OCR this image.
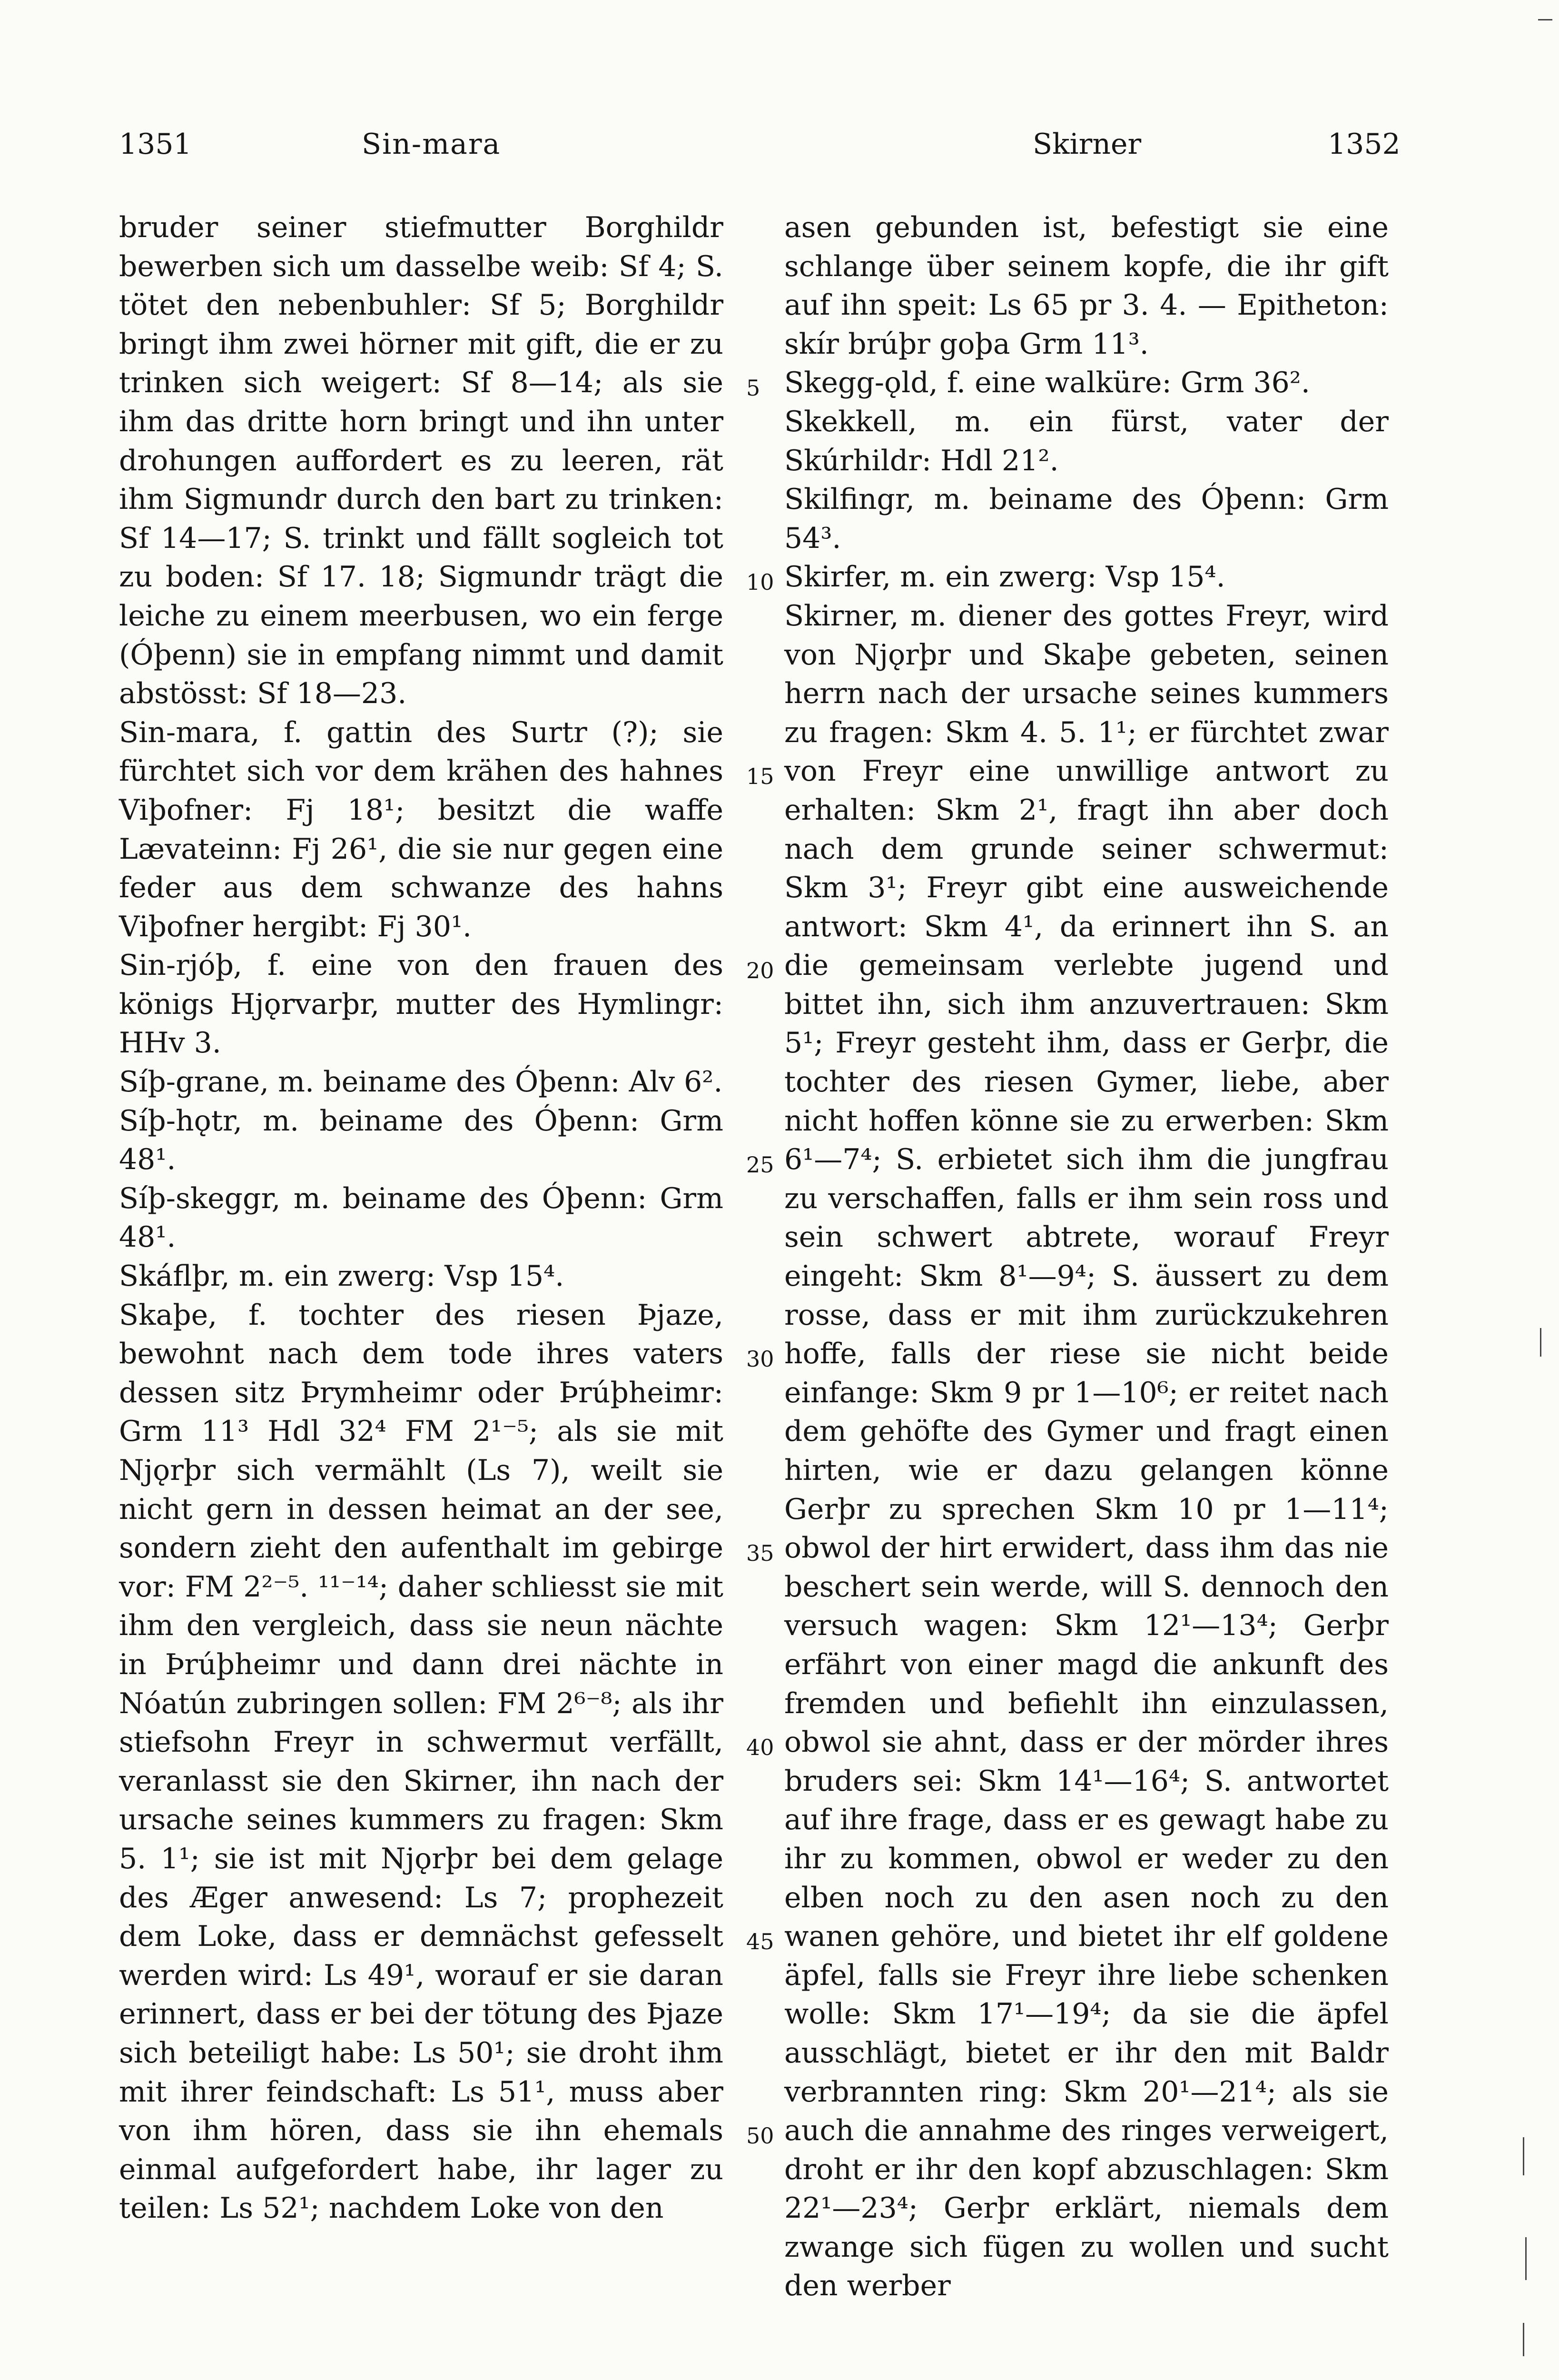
1351	Sin-mara	Skirner	1352

bruder seiner stiefmutter Borghildr bewerben sich um dasselbe weib: Sf 4; S. tötet den nebenbuhler: Sf 5; Borghildr bringt ihm zwei hörner mit gift, die er zu trinken sich weigert: Sf 8—14; als sie ihm das dritte horn bringt und ihn unter drohungen auffordert es zu leeren, rät ihm Sigmundr durch den bart zu trinken: Sf 14—17; S. trinkt und fällt sogleich tot zu boden: Sf 17. 18; Sigmundr trägt die leiche zu einem meerbusen, wo ein ferge (Óþenn) sie in empfang nimmt und damit abstösst: Sf 18—23.

Sin-mara, f. gattin des Surtr (?); sie fürchtet sich vor dem krähen des hahnes Viþofner: Fj 18¹; besitzt die waffe Lævateinn: Fj 26¹, die sie nur gegen eine feder aus dem schwanze des hahns Viþofner hergibt: Fj 30¹.

Sin-rjóþ, f. eine von den frauen des königs Hjǫrvarþr, mutter des Hymlingr: HHv 3.

Síþ-grane, m. beiname des Óþenn: Alv 6².

Síþ-hǫtr, m. beiname des Óþenn: Grm 48¹.

Síþ-skeggr, m. beiname des Óþenn: Grm 48¹.

Skáflþr, m. ein zwerg: Vsp 15⁴.

Skaþe, f. tochter des riesen Þjaze, bewohnt nach dem tode ihres vaters dessen sitz Þrymheimr oder Þrúþheimr: Grm 11³ Hdl 32⁴ FM 2¹⁻⁵; als sie mit Njǫrþr sich vermählt (Ls 7), weilt sie nicht gern in dessen heimat an der see, sondern zieht den aufenthalt im gebirge vor: FM 2²⁻⁵. ¹¹⁻¹⁴; daher schliesst sie mit ihm den vergleich, dass sie neun nächte in Þrúþheimr und dann drei nächte in Nóatún zubringen sollen: FM 2⁶⁻⁸; als ihr stiefsohn Freyr in schwermut verfällt, veranlasst sie den Skirner, ihn nach der ursache seines kummers zu fragen: Skm 5. 1¹; sie ist mit Njǫrþr bei dem gelage des Æger anwesend: Ls 7; prophezeit dem Loke, dass er demnächst gefesselt werden wird: Ls 49¹, worauf er sie daran erinnert, dass er bei der tötung des Þjaze sich beteiligt habe: Ls 50¹; sie droht ihm mit ihrer feindschaft: Ls 51¹, muss aber von ihm hören, dass sie ihn ehemals einmal aufgefordert habe, ihr lager zu teilen: Ls 52¹; nachdem Loke von den

5
10
15
20
25
30
35
40
45
50

asen gebunden ist, befestigt sie eine schlange über seinem kopfe, die ihr gift auf ihn speit: Ls 65 pr 3. 4. — Epitheton: skír brúþr goþa Grm 11³.

Skegg-ǫld, f. eine walküre: Grm 36².

Skekkell, m. ein fürst, vater der Skúrhildr: Hdl 21².

Skilfingr, m. beiname des Óþenn: Grm 54³.

Skirfer, m. ein zwerg: Vsp 15⁴.

Skirner, m. diener des gottes Freyr, wird von Njǫrþr und Skaþe gebeten, seinen herrn nach der ursache seines kummers zu fragen: Skm 4. 5. 1¹; er fürchtet zwar von Freyr eine unwillige antwort zu erhalten: Skm 2¹, fragt ihn aber doch nach dem grunde seiner schwermut: Skm 3¹; Freyr gibt eine ausweichende antwort: Skm 4¹, da erinnert ihn S. an die gemeinsam verlebte jugend und bittet ihn, sich ihm anzuvertrauen: Skm 5¹; Freyr gesteht ihm, dass er Gerþr, die tochter des riesen Gymer, liebe, aber nicht hoffen könne sie zu erwerben: Skm 6¹—7⁴; S. erbietet sich ihm die jungfrau zu verschaffen, falls er ihm sein ross und sein schwert abtrete, worauf Freyr eingeht: Skm 8¹—9⁴; S. äussert zu dem rosse, dass er mit ihm zurückzukehren hoffe, falls der riese sie nicht beide einfange: Skm 9 pr 1—10⁶; er reitet nach dem gehöfte des Gymer und fragt einen hirten, wie er dazu gelangen könne Gerþr zu sprechen Skm 10 pr 1—11⁴; obwol der hirt erwidert, dass ihm das nie beschert sein werde, will S. dennoch den versuch wagen: Skm 12¹—13⁴; Gerþr erfährt von einer magd die ankunft des fremden und befiehlt ihn einzulassen, obwol sie ahnt, dass er der mörder ihres bruders sei: Skm 14¹—16⁴; S. antwortet auf ihre frage, dass er es gewagt habe zu ihr zu kommen, obwol er weder zu den elben noch zu den asen noch zu den wanen gehöre, und bietet ihr elf goldene äpfel, falls sie Freyr ihre liebe schenken wolle: Skm 17¹—19⁴; da sie die äpfel ausschlägt, bietet er ihr den mit Baldr verbrannten ring: Skm 20¹—21⁴; als sie auch die annahme des ringes verweigert, droht er ihr den kopf abzuschlagen: Skm 22¹—23⁴; Gerþr erklärt, niemals dem zwange sich fügen zu wollen und sucht den werber
